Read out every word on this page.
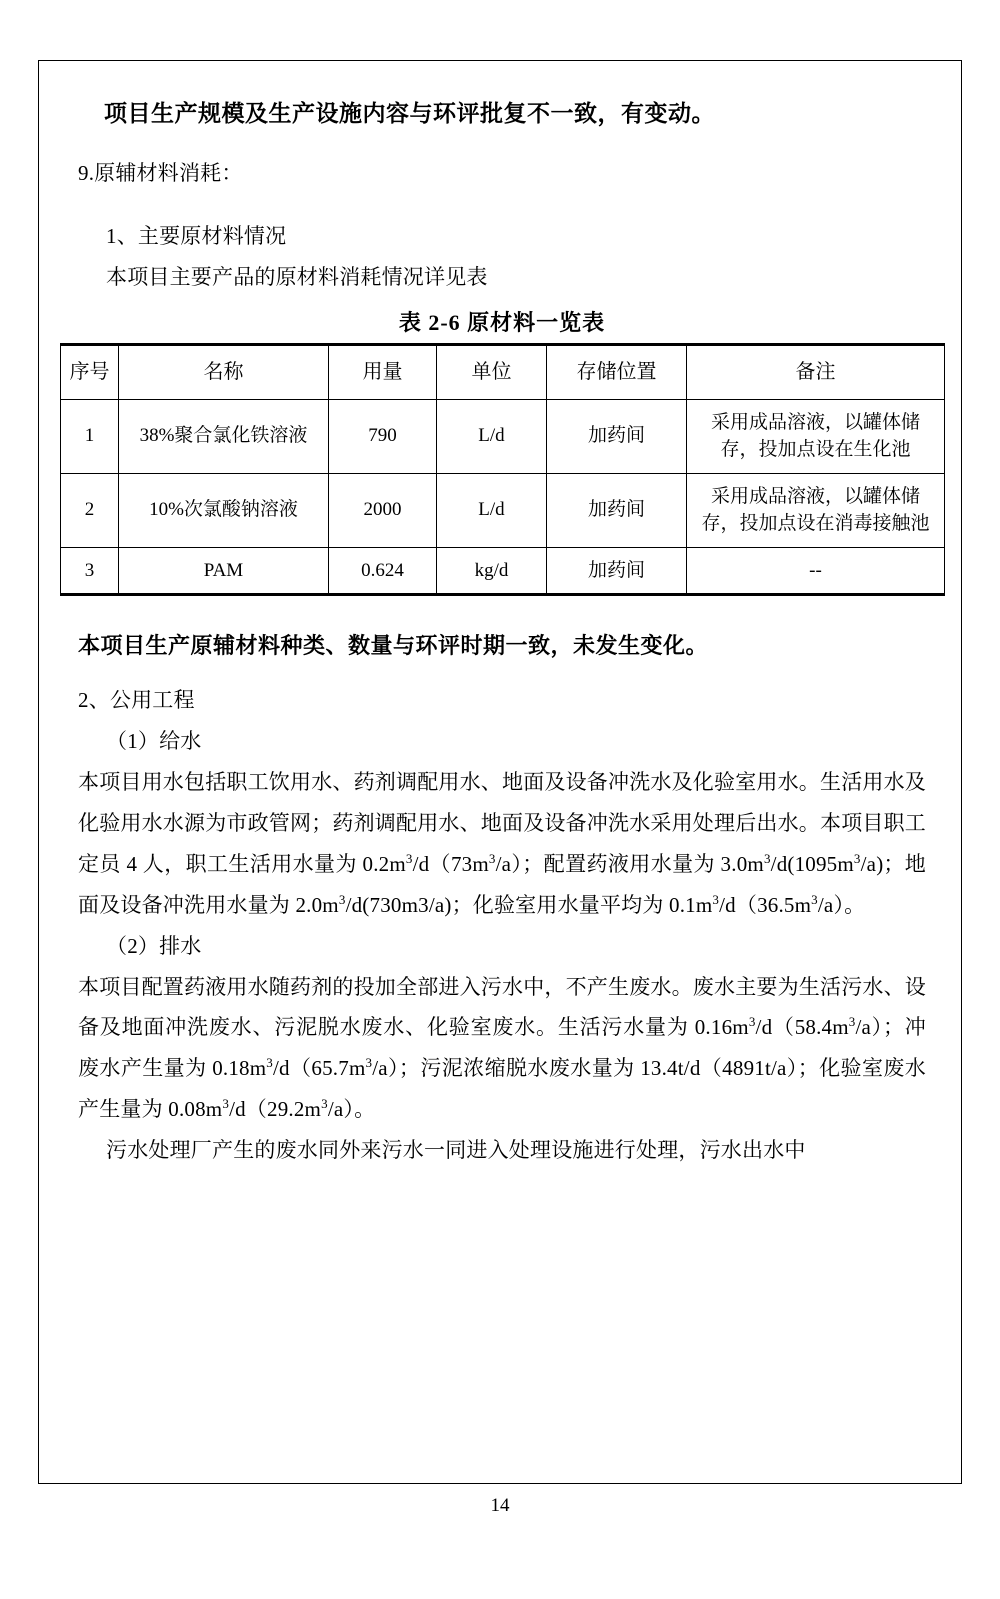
项目生产规模及生产设施内容与环评批复不一致，有变动。

9.原辅材料消耗：

1、主要原材料情况

本项目主要产品的原材料消耗情况详见表

表 2-6 原材料一览表

序号	名称	用量	单位	存储位置	备注
1	38%聚合氯化铁溶液	790	L/d	加药间	采用成品溶液，以罐体储存，投加点设在生化池
2	10%次氯酸钠溶液	2000	L/d	加药间	采用成品溶液，以罐体储存，投加点设在消毒接触池
3	PAM	0.624	kg/d	加药间	--

本项目生产原辅材料种类、数量与环评时期一致，未发生变化。

2、公用工程

（1）给水

本项目用水包括职工饮用水、药剂调配用水、地面及设备冲洗水及化验室用水。生活用水及化验用水水源为市政管网；药剂调配用水、地面及设备冲洗水采用处理后出水。本项目职工定员 4 人，职工生活用水量为 $0.2m^3/d(73m^3/a)$；配置药液用水量为 $3.0m^3/d(1095m^3/a)$；地面及设备冲洗用水量为 $2.0m^3/d(730m3/a)$；化验室用水量平均为 $0.1m^3/d(36.5m^3/a)$。

（2）排水

本项目配置药液用水随药剂的投加全部进入污水中，不产生废水。废水主要为生活污水、设备及地面冲洗废水、污泥脱水废水、化验室废水。生活污水量为 $0.16m^3/d(58.4m^3/a)$；冲废水产生量为 $0.18m^3/d(65.7m^3/a)$；污泥浓缩脱水废水量为 13.4t/d（4891t/a）；化验室废水产生量为 $0.08m^3/d(29.2m^3/a)$。

污水处理厂产生的废水同外来污水一同进入处理设施进行处理，污水出水中

14
